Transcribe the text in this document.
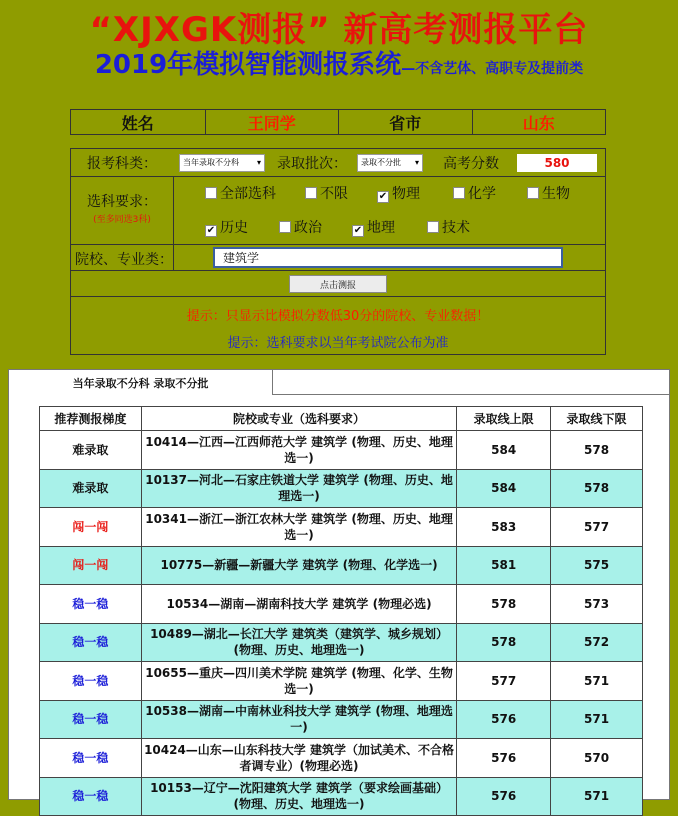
“XJXGK测报” 新高考测报平台
2019年模拟智能测报系统—不含艺体、高职专及提前类
姓名	王同学	省市	山东
报考科类：	当年录取不分科 ▾ 录取批次： 录取不分批 ▾ 高考分数	580
选科要求：
(至多同选3科)
全部选科	不限	✔ 物理	化学	生物
✔ 历史	政治	✔ 地理	技术
院校、专业类：	建筑学
点击测报
提示：只显示比模拟分数低30分的院校、专业数据！
提示：选科要求以当年考试院公布为准
当年录取不分科 录取不分批
推荐测报梯度	院校或专业（选科要求）	录取线上限	录取线下限
难录取	10414—江西—江西师范大学 建筑学 (物理、历史、地理选一)	584	578
难录取	10137—河北—石家庄铁道大学 建筑学 (物理、历史、地理选一)	584	578
闯一闯	10341—浙江—浙江农林大学 建筑学 (物理、历史、地理选一)	583	577
闯一闯	10775—新疆—新疆大学 建筑学 (物理、化学选一)	581	575
稳一稳	10534—湖南—湖南科技大学 建筑学 (物理必选)	578	573
稳一稳	10489—湖北—长江大学 建筑类（建筑学、城乡规划）(物理、历史、地理选一)	578	572
稳一稳	10655—重庆—四川美术学院 建筑学 (物理、化学、生物选一)	577	571
稳一稳	10538—湖南—中南林业科技大学 建筑学 (物理、地理选一)	576	571
稳一稳	10424—山东—山东科技大学 建筑学（加试美术、不合格者调专业）(物理必选)	576	570
稳一稳	10153—辽宁—沈阳建筑大学 建筑学（要求绘画基础）(物理、历史、地理选一)	576	571
